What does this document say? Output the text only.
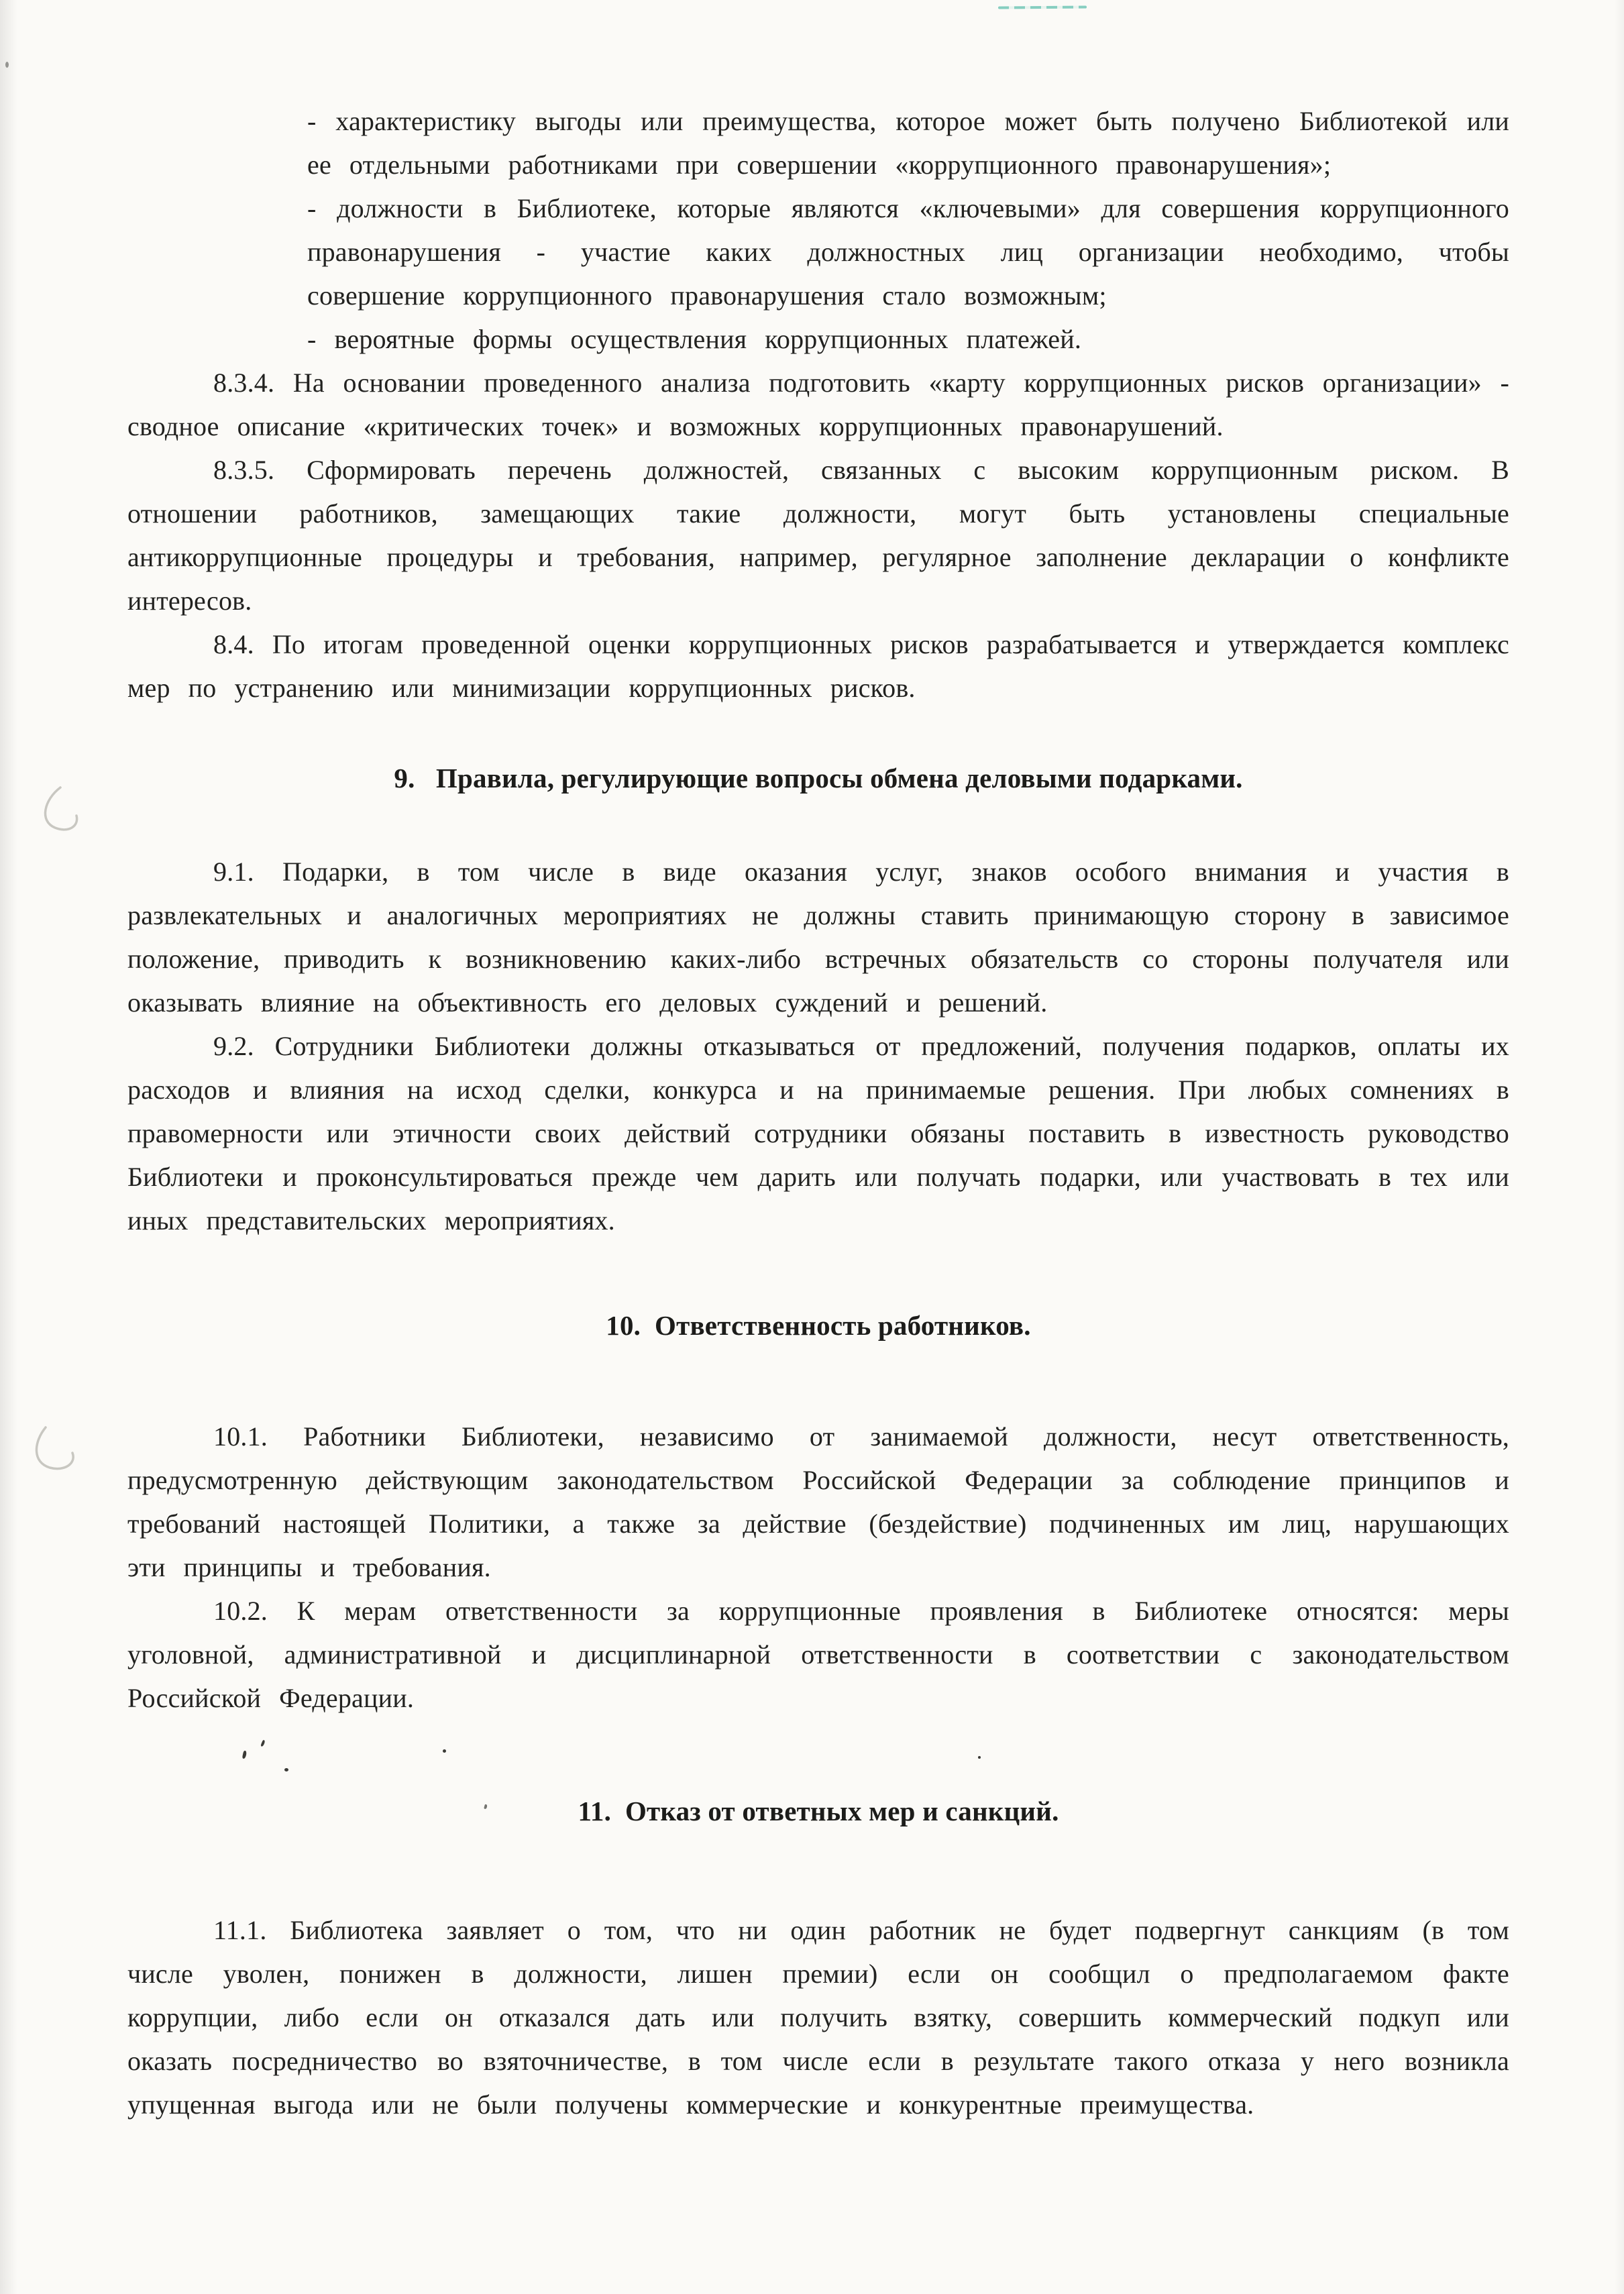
- характеристику выгоды или преимущества, которое может быть получено Библиотекой или ее отдельными работниками при совершении «коррупционного правонарушения»;

- должности в Библиотеке, которые являются «ключевыми» для совершения коррупционного правонарушения - участие каких должностных лиц организации необходимо, чтобы совершение коррупционного правонарушения стало возможным;

- вероятные формы осуществления коррупционных платежей.

8.3.4. На основании проведенного анализа подготовить «карту коррупционных рисков организации» - сводное описание «критических точек» и возможных коррупционных правонарушений.

8.3.5. Сформировать перечень должностей, связанных с высоким коррупционным риском. В отношении работников, замещающих такие должности, могут быть установлены специальные антикоррупционные процедуры и требования, например, регулярное заполнение декларации о конфликте интересов.

8.4. По итогам проведенной оценки коррупционных рисков разрабатывается и утверждается комплекс мер по устранению или минимизации коррупционных рисков.

9.   Правила, регулирующие вопросы обмена деловыми подарками.

9.1. Подарки, в том числе в виде оказания услуг, знаков особого внимания и участия в развлекательных и аналогичных мероприятиях не должны ставить принимающую сторону в зависимое положение, приводить к возникновению каких-либо встречных обязательств со стороны получателя или оказывать влияние на объективность его деловых суждений и решений.

9.2. Сотрудники Библиотеки должны отказываться от предложений, получения подарков, оплаты их расходов и влияния на исход сделки, конкурса и на принимаемые решения. При любых сомнениях в правомерности или этичности своих действий сотрудники обязаны поставить в известность руководство Библиотеки и проконсультироваться прежде чем дарить или получать подарки, или участвовать в тех или иных представительских мероприятиях.

10.  Ответственность работников.

10.1. Работники Библиотеки, независимо от занимаемой должности, несут ответственность, предусмотренную действующим законодательством Российской Федерации за соблюдение принципов и требований настоящей Политики, а также за действие (бездействие) подчиненных им лиц, нарушающих эти принципы и требования.

10.2. К мерам ответственности за коррупционные проявления в Библиотеке относятся: меры уголовной, административной и дисциплинарной ответственности в соответствии с законодательством Российской Федерации.

11.  Отказ от ответных мер и санкций.

11.1. Библиотека заявляет о том, что ни один работник не будет подвергнут санкциям (в том числе уволен, понижен в должности, лишен премии) если он сообщил о предполагаемом факте коррупции, либо если он отказался дать или получить взятку, совершить коммерческий подкуп или оказать посредничество во взяточничестве, в том числе если в результате такого отказа у него возникла упущенная выгода или не были получены коммерческие и конкурентные преимущества.
